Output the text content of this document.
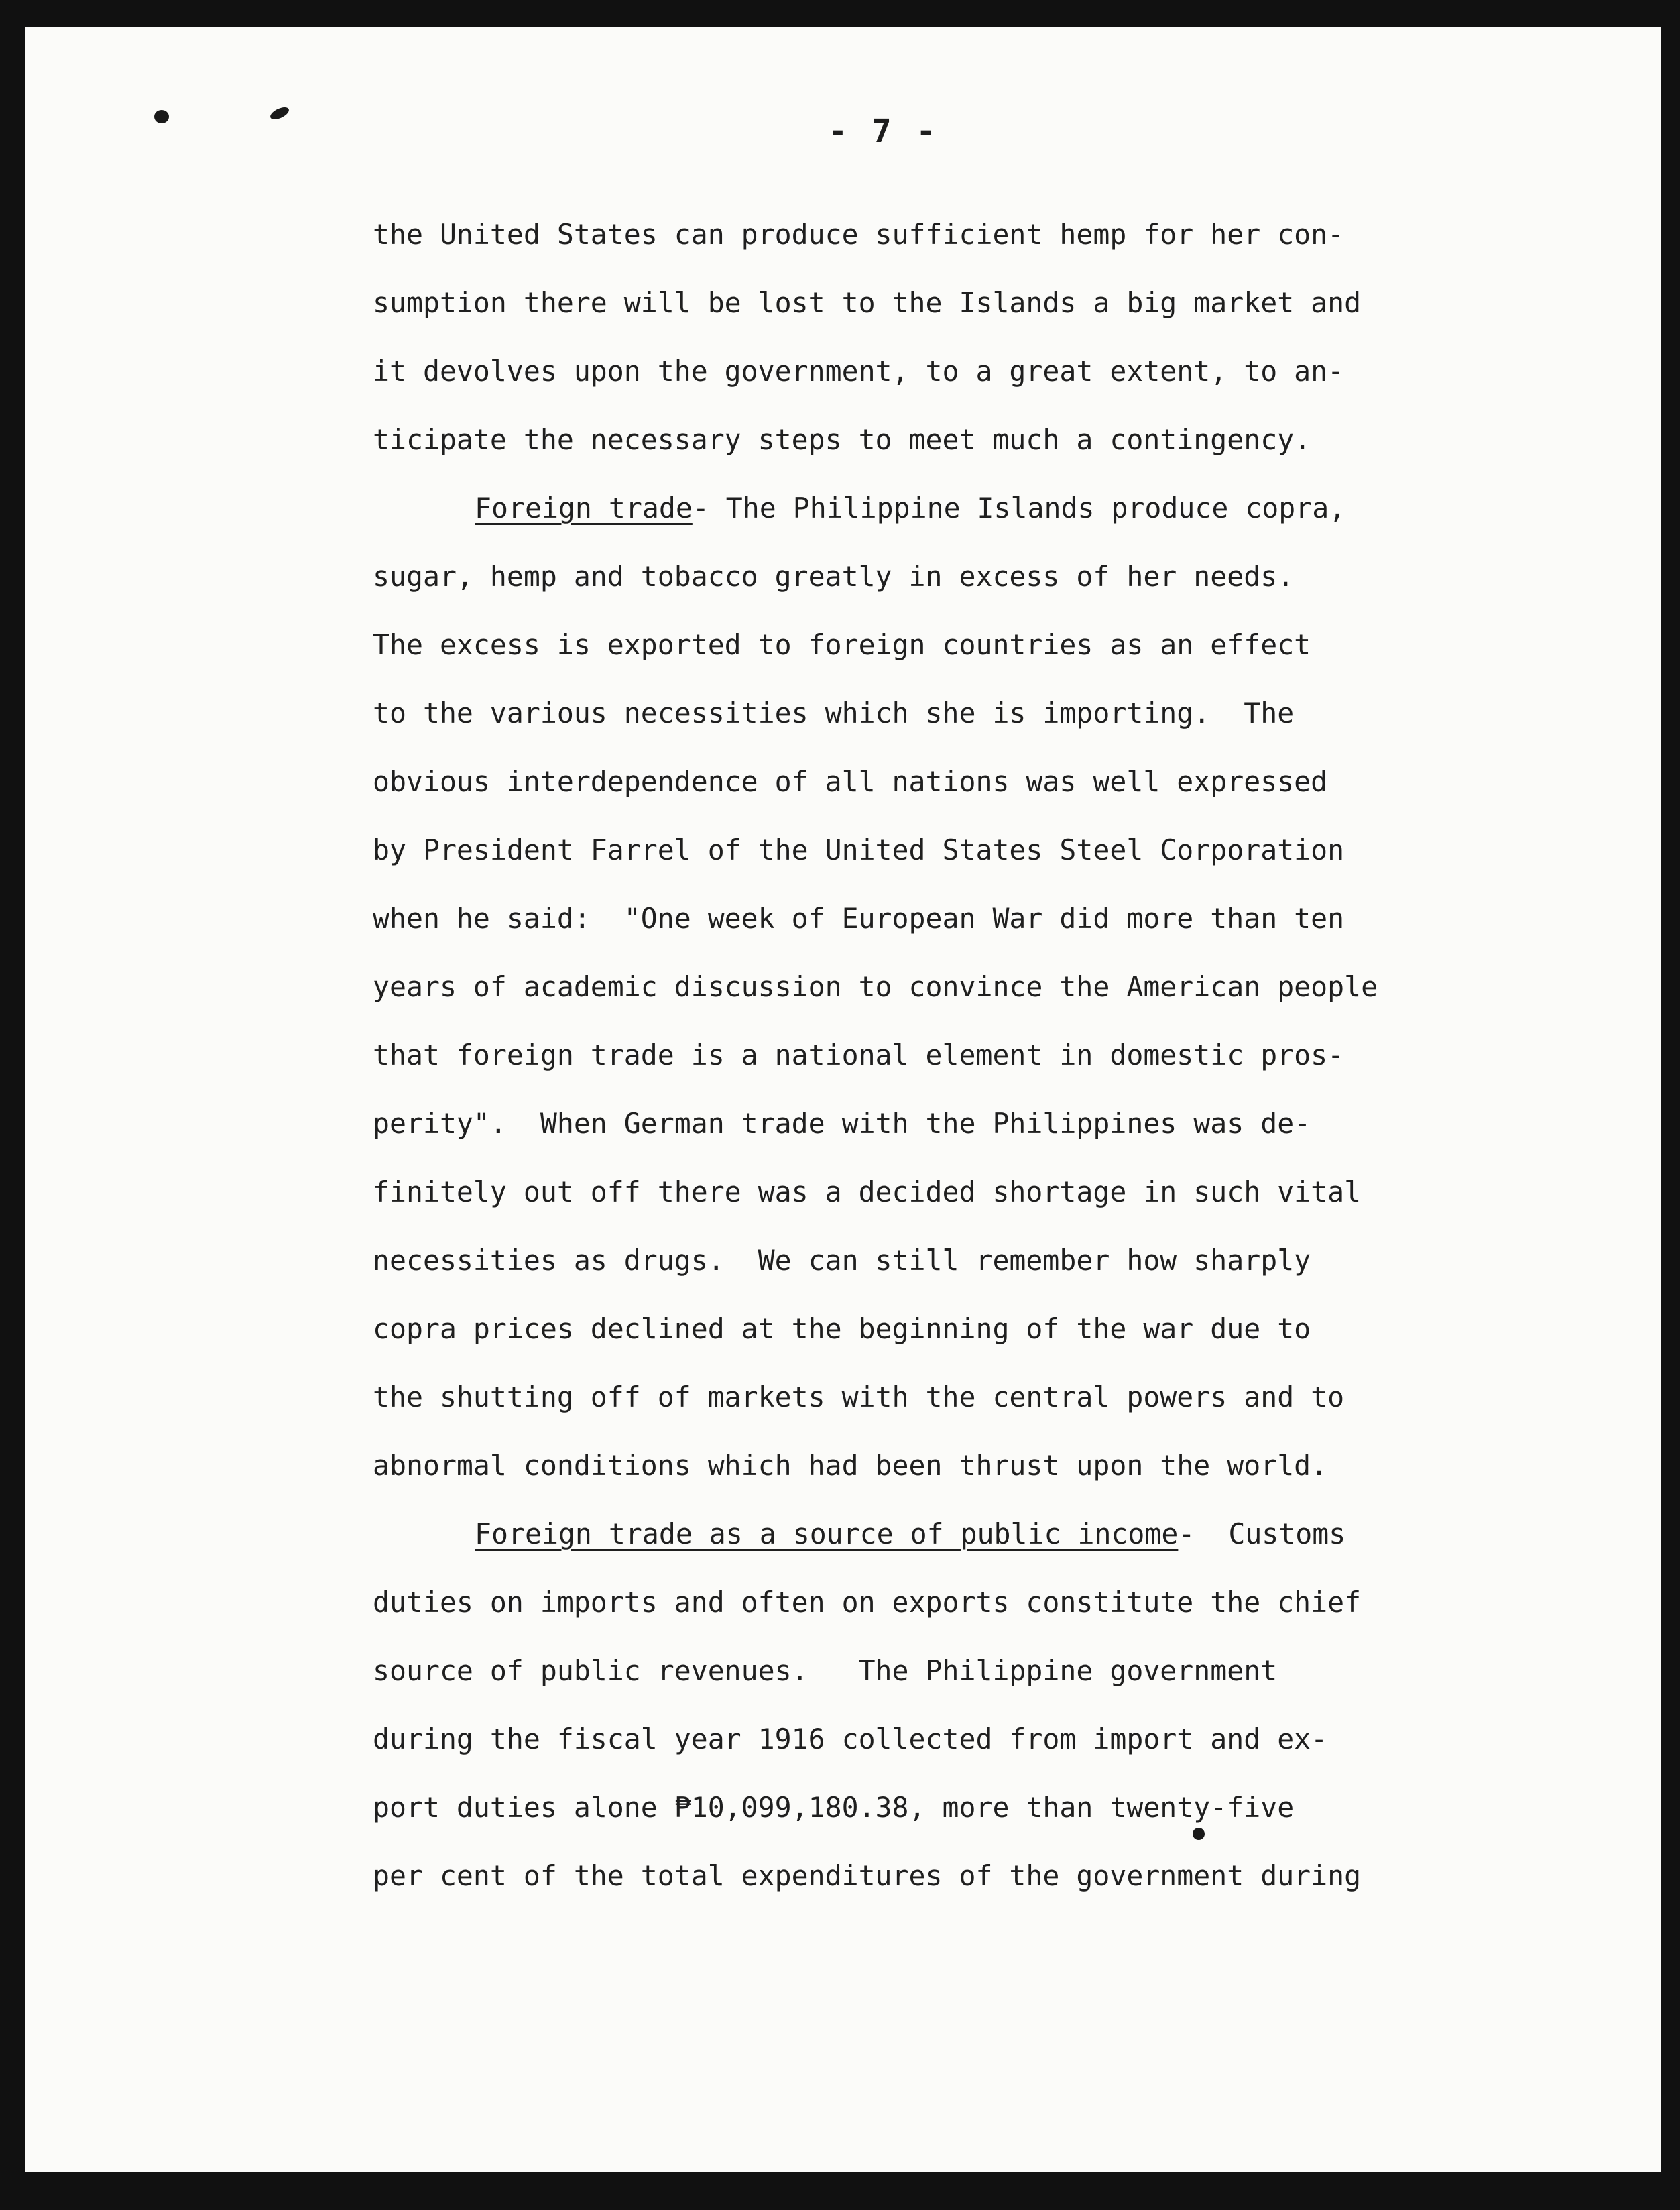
- 7 -
the United States can produce sufficient hemp for her con-
sumption there will be lost to the Islands a big market and
it devolves upon the government, to a great extent, to an-
ticipate the necessary steps to meet much a contingency.
Foreign trade- The Philippine Islands produce copra,
sugar, hemp and tobacco greatly in excess of her needs.
The excess is exported to foreign countries as an effect
to the various necessities which she is importing.  The
obvious interdependence of all nations was well expressed
by President Farrel of the United States Steel Corporation
when he said:  "One week of European War did more than ten
years of academic discussion to convince the American people
that foreign trade is a national element in domestic pros-
perity".  When German trade with the Philippines was de-
finitely out off there was a decided shortage in such vital
necessities as drugs.  We can still remember how sharply
copra prices declined at the beginning of the war due to
the shutting off of markets with the central powers and to
abnormal conditions which had been thrust upon the world.
Foreign trade as a source of public income-  Customs
duties on imports and often on exports constitute the chief
source of public revenues.   The Philippine government
during the fiscal year 1916 collected from import and ex-
port duties alone ₱10,099,180.38, more than twenty-five
per cent of the total expenditures of the government during
